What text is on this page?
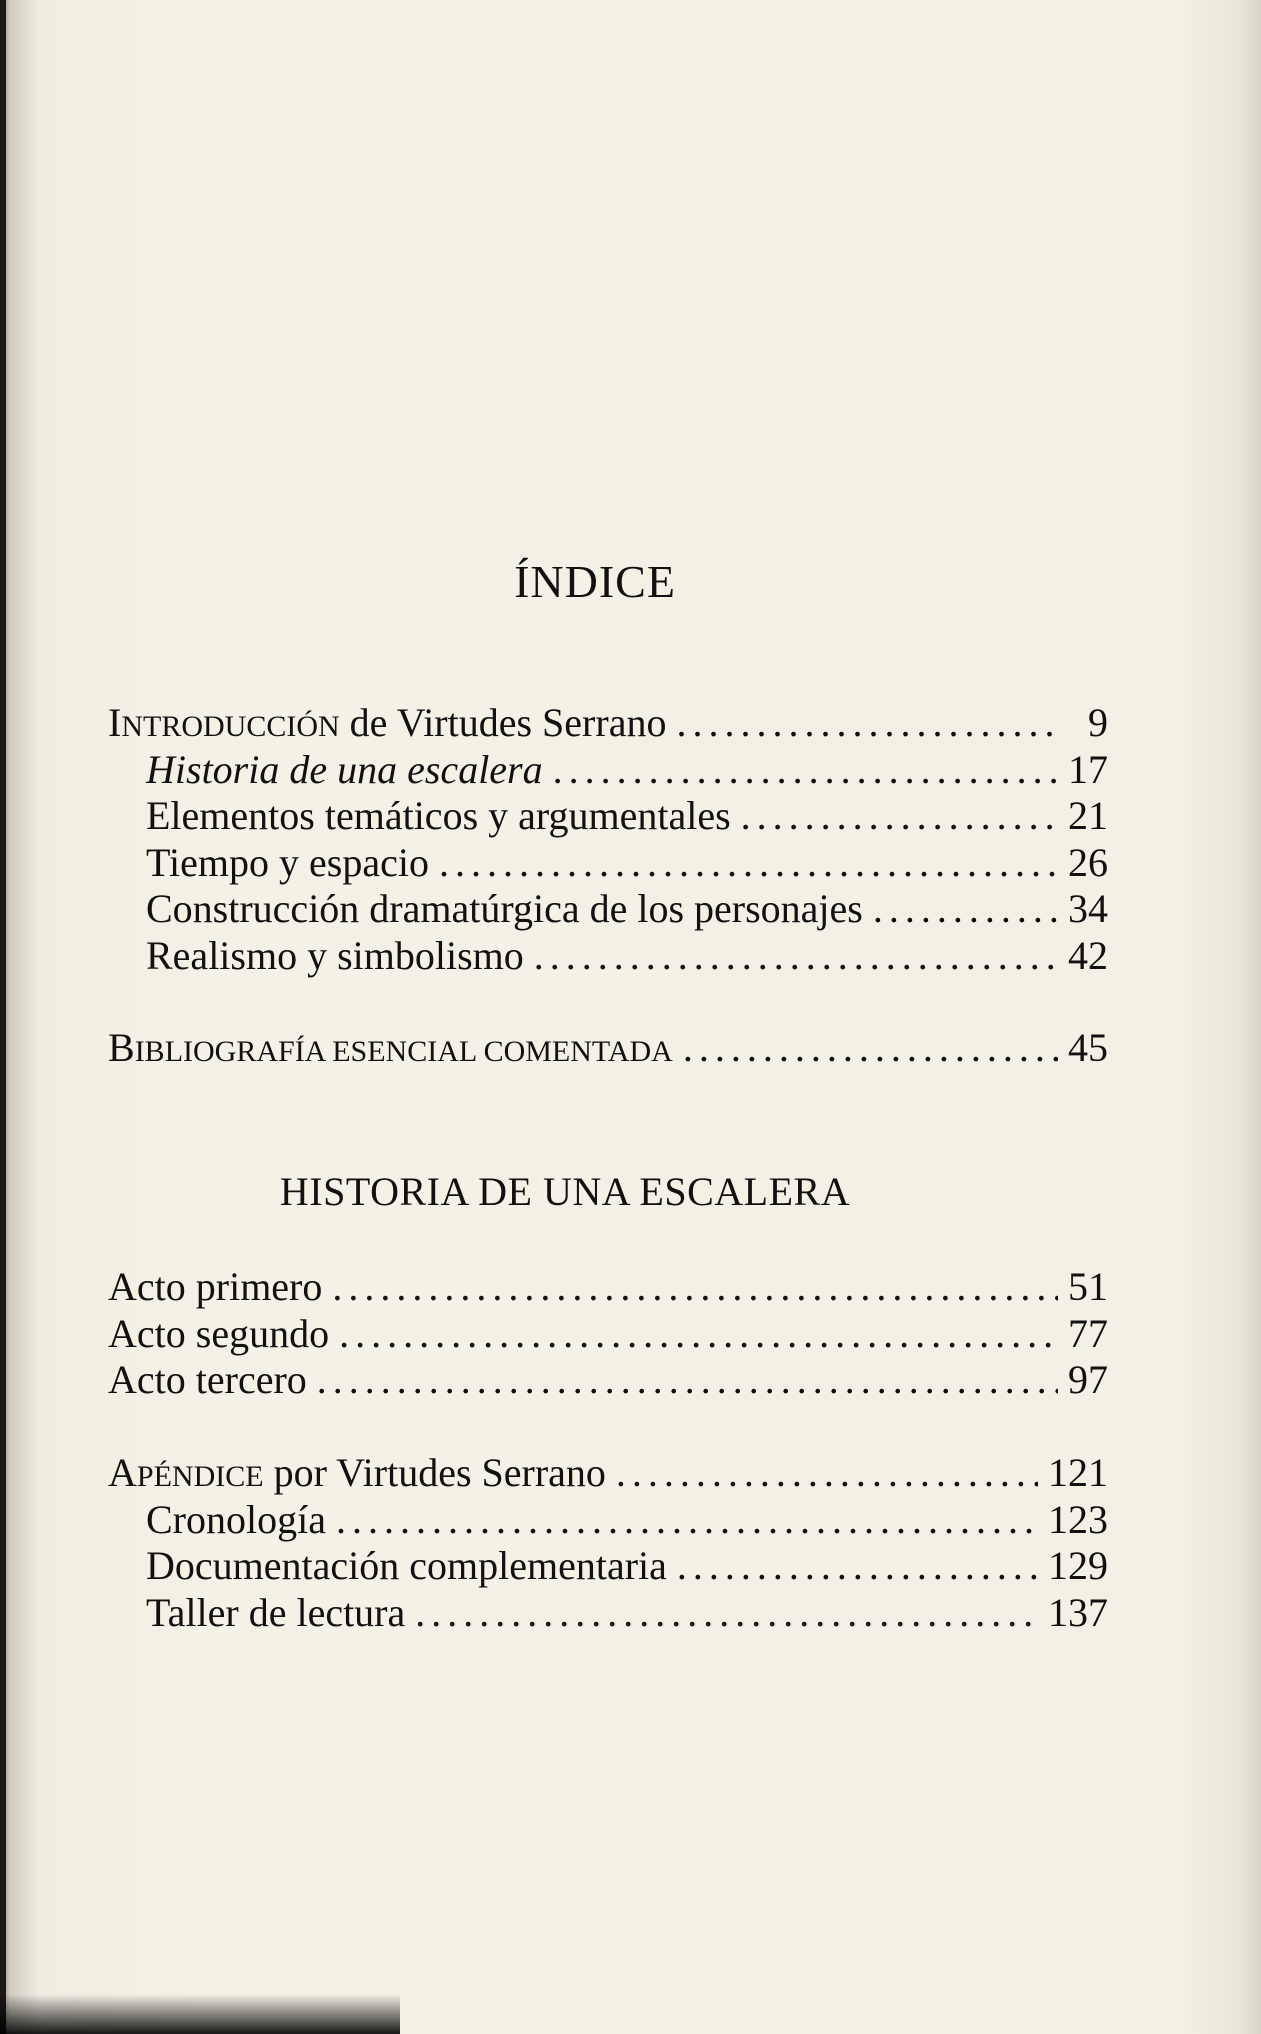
ÍNDICE
INTRODUCCIÓN de Virtudes Serrano . . .	9
Historia de una escalera . . .	17
Elementos temáticos y argumentales . . .	21
Tiempo y espacio . . .	26
Construcción dramatúrgica de los personajes . . .	34
Realismo y simbolismo . . .	42
BIBLIOGRAFÍA ESENCIAL COMENTADA . . .	45
HISTORIA DE UNA ESCALERA
Acto primero . . .	51
Acto segundo . . .	77
Acto tercero . . .	97
APÉNDICE por Virtudes Serrano . . .	121
Cronología . . .	123
Documentación complementaria . . .	129
Taller de lectura . . .	137
